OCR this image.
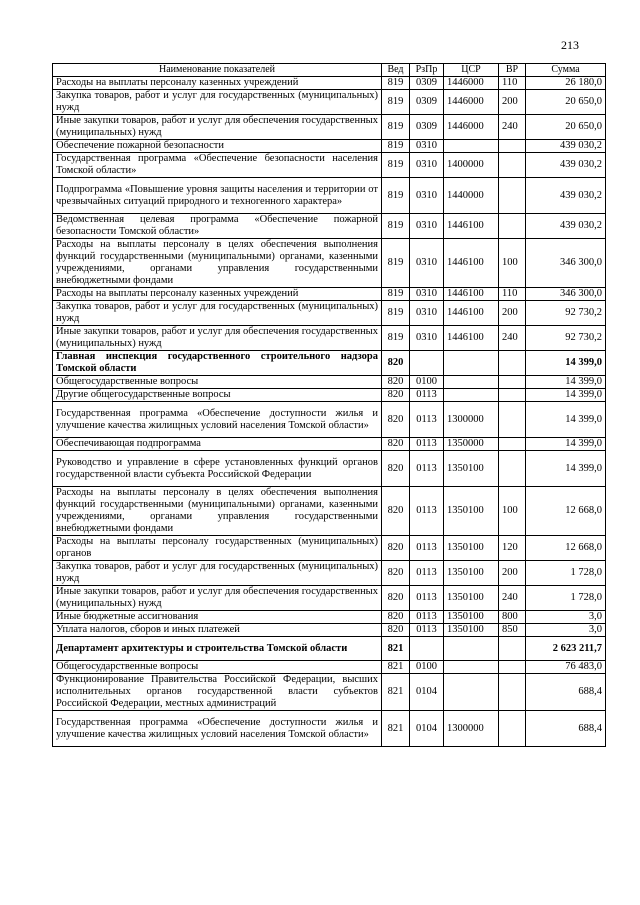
213
Наименование показателей	Вед	РзПр	ЦСР	ВР	Сумма
Расходы на выплаты персоналу казенных учреждений	819	0309	1446000	110	26 180,0
Закупка товаров, работ и услуг для государственных (муниципальных) нужд	819	0309	1446000	200	20 650,0
Иные закупки товаров, работ и услуг для обеспечения государственных (муниципальных) нужд	819	0309	1446000	240	20 650,0
Обеспечение пожарной безопасности	819	0310			439 030,2
Государственная программа «Обеспечение безопасности населения Томской области»	819	0310	1400000		439 030,2
Подпрограмма «Повышение уровня защиты населения и территории от чрезвычайных ситуаций природного и техногенного характера»	819	0310	1440000		439 030,2
Ведомственная целевая программа «Обеспечение пожарной безопасности Томской области»	819	0310	1446100		439 030,2
Расходы на выплаты персоналу в целях обеспечения выполнения функций государственными (муниципальными) органами, казенными учреждениями, органами управления государственными внебюджетными фондами	819	0310	1446100	100	346 300,0
Расходы на выплаты персоналу казенных учреждений	819	0310	1446100	110	346 300,0
Закупка товаров, работ и услуг для государственных (муниципальных) нужд	819	0310	1446100	200	92 730,2
Иные закупки товаров, работ и услуг для обеспечения государственных (муниципальных) нужд	819	0310	1446100	240	92 730,2
Главная инспекция государственного строительного надзора Томской области	820				14 399,0
Общегосударственные вопросы	820	0100			14 399,0
Другие общегосударственные вопросы	820	0113			14 399,0
Государственная программа «Обеспечение доступности жилья и улучшение качества жилищных условий населения Томской области»	820	0113	1300000		14 399,0
Обеспечивающая подпрограмма	820	0113	1350000		14 399,0
Руководство и управление в сфере установленных функций органов государственной власти субъекта Российской Федерации	820	0113	1350100		14 399,0
Расходы на выплаты персоналу в целях обеспечения выполнения функций государственными (муниципальными) органами, казенными учреждениями, органами управления государственными внебюджетными фондами	820	0113	1350100	100	12 668,0
Расходы на выплаты персоналу государственных (муниципальных) органов	820	0113	1350100	120	12 668,0
Закупка товаров, работ и услуг для государственных (муниципальных) нужд	820	0113	1350100	200	1 728,0
Иные закупки товаров, работ и услуг для обеспечения государственных (муниципальных) нужд	820	0113	1350100	240	1 728,0
Иные бюджетные ассигнования	820	0113	1350100	800	3,0
Уплата налогов, сборов и иных платежей	820	0113	1350100	850	3,0
Департамент архитектуры и строительства Томской области	821				2 623 211,7
Общегосударственные вопросы	821	0100			76 483,0
Функционирование Правительства Российской Федерации, высших исполнительных органов государственной власти субъектов Российской Федерации, местных администраций	821	0104			688,4
Государственная программа «Обеспечение доступности жилья и улучшение качества жилищных условий населения Томской области»	821	0104	1300000		688,4
